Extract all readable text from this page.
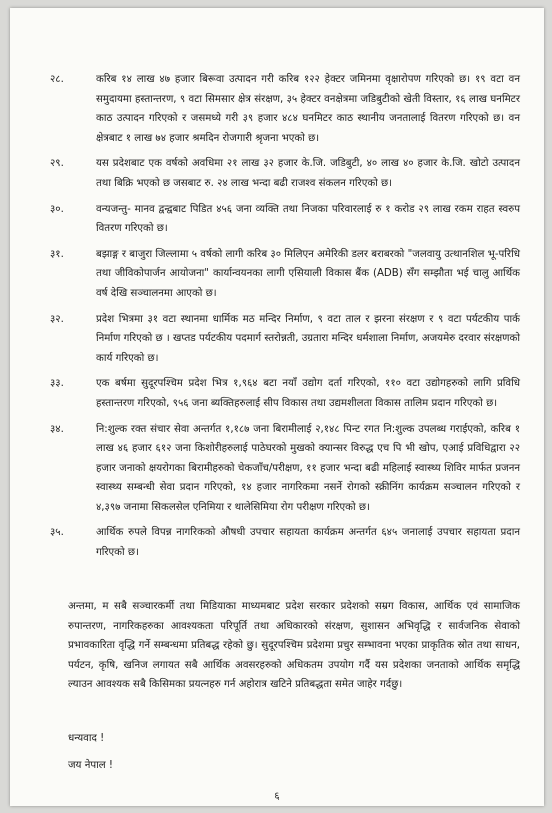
२८.	करिब १४ लाख ४७ हजार बिरूवा उत्पादन गरी करिब १२२ हेक्टर जमिनमा वृक्षारोपण गरिएको छ। १९ वटा वन समुदायमा हस्तान्तरण, ९ वटा सिमसार क्षेत्र संरक्षण, ३५ हेक्टर वनक्षेत्रमा जडिबुटीको खेती विस्तार, १६ लाख घनमिटर काठ उत्पादन गरिएको र जसमध्ये गरी ३९ हजार ४८४ घनमिटर काठ स्थानीय जनतालाई वितरण गरिएको छ। वन क्षेत्रबाट १ लाख ७४ हजार श्रमदिन रोजगारी श्रृजना भएको छ।
२९.	यस प्रदेशबाट एक वर्षको अवधिमा २१ लाख ३२ हजार के.जि. जडिबुटी, ४० लाख ४० हजार के.जि. खोटो उत्पादन तथा बिक्रि भएको छ जसबाट रु. २४ लाख भन्दा बढी राजश्व संकलन गरिएको छ।
३०.	वन्यजन्तु- मानव द्वन्द्वबाट पिडित ४५६ जना व्यक्ति तथा निजका परिवारलाई रु १ करोड २९ लाख रकम राहत स्वरुप वितरण गरिएको छ।
३१.	बझाङ्ग र बाजुरा जिल्लामा ५ वर्षको लागी करिब ३० मिलिएन अमेरिकी डलर बराबरको "जलवायु उत्थानशिल भू-परिधि तथा जीविकोपार्जन आयोजना" कार्यान्वयनका लागी एसियाली विकास बैंक (ADB) सँग सम्झौता भई चालु आर्थिक वर्ष देखि सञ्चालनमा आएको छ।
३२.	प्रदेश भित्रमा ३१ वटा स्थानमा धार्मिक मठ मन्दिर निर्माण, ९ वटा ताल र झरना संरक्षण र ९ वटा पर्यटकीय पार्क निर्माण गरिएको छ । खप्तड पर्यटकीय पदमार्ग स्तरोन्नती, उग्रतारा मन्दिर धर्मशाला निर्माण, अजयमेरु दरवार संरक्षणको कार्य गरिएको छ।
३३.	एक बर्षमा सुदूरपश्चिम प्रदेश भित्र १,९६४ बटा नयाँ उद्योग दर्ता गरिएको, ११० वटा उद्योगहरुको लागि प्रविधि हस्तान्तरण गरिएको, ९५६ जना ब्यक्तिहरुलाई सीप विकास तथा उद्यमशीलता विकास तालिम प्रदान गरिएको छ।
३४.	नि:शुल्क रक्त संचार सेवा अन्तर्गत १,१८७ जना बिरामीलाई २,१४८ पिन्ट रगत नि:शुल्क उपलब्ध गराईएको, करिब १ लाख ४६ हजार ६१२ जना किशोरीहरुलाई पाठेघरको मुखको क्यान्सर विरुद्ध एच पि भी खोप, एआई प्रविधिद्वारा २२ हजार जनाको क्षयरोगका बिरामीहरुको चेकजाँच/परीक्षण, ११ हजार भन्दा बढी महिलाई स्वास्थ्य शिविर मार्फत प्रजनन स्वास्थ्य सम्बन्धी सेवा प्रदान गरिएको, १४ हजार नागरिकमा नसर्ने रोगको स्क्रीनिंग कार्यक्रम सञ्चालन गरिएको र ४,३९७ जनामा सिकलसेल एनिमिया र थालेसिमिया रोग परीक्षण गरिएको छ।
३५.	आर्थिक रुपले विपन्न नागरिकको औषधी उपचार सहायता कार्यक्रम अन्तर्गत ६४५ जनालाई उपचार सहायता प्रदान गरिएको छ।
अन्तमा, म सबै सञ्चारकर्मी तथा मिडियाका माध्यमबाट प्रदेश सरकार प्रदेशको सम्रग विकास, आर्थिक एवं सामाजिक रुपान्तरण, नागरिकहरुका आवश्यकता परिपूर्ति तथा अधिकारको संरक्षण, सुशासन अभिवृद्धि र सार्वजनिक सेवाको प्रभावकारिता वृद्धि गर्ने सम्बन्धमा प्रतिबद्ध रहेको छु। सुदूरपश्चिम प्रदेशमा प्रचुर सम्भावना भएका प्राकृतिक स्रोत तथा साधन, पर्यटन, कृषि, खनिज लगायत सबै आर्थिक अवसरहरुको अधिकतम उपयोग गर्दै यस प्रदेशका जनताको आर्थिक समृद्धि ल्याउन आवश्यक सबै किसिमका प्रयत्नहरु गर्न अहोरात्र खटिने प्रतिबद्धता समेत जाहेर गर्दछु।
धन्यवाद !
जय नेपाल !
६
